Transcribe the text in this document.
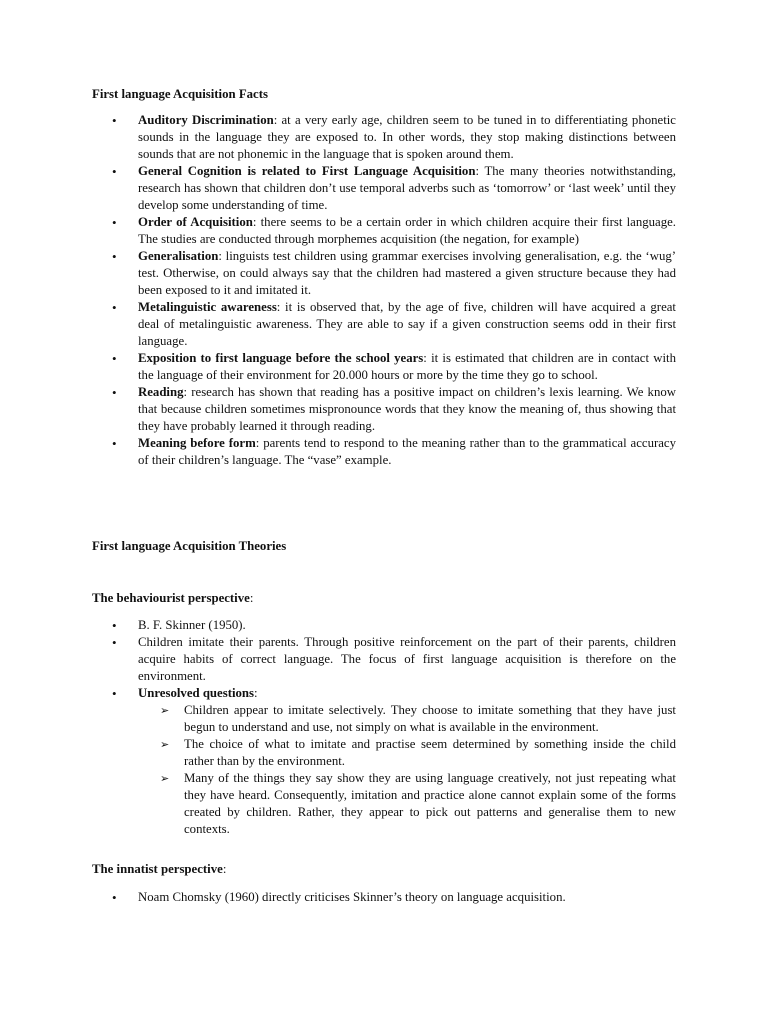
First language Acquisition Facts

• Auditory Discrimination: at a very early age, children seem to be tuned in to differentiating phonetic sounds in the language they are exposed to. In other words, they stop making distinctions between sounds that are not phonemic in the language that is spoken around them.
• General Cognition is related to First Language Acquisition: The many theories notwithstanding, research has shown that children don’t use temporal adverbs such as ‘tomorrow’ or ‘last week’ until they develop some understanding of time.
• Order of Acquisition: there seems to be a certain order in which children acquire their first language. The studies are conducted through morphemes acquisition (the negation, for example)
• Generalisation: linguists test children using grammar exercises involving generalisation, e.g. the ‘wug’ test. Otherwise, on could always say that the children had mastered a given structure because they had been exposed to it and imitated it.
• Metalinguistic awareness: it is observed that, by the age of five, children will have acquired a great deal of metalinguistic awareness. They are able to say if a given construction seems odd in their first language.
• Exposition to first language before the school years: it is estimated that children are in contact with the language of their environment for 20.000 hours or more by the time they go to school.
• Reading: research has shown that reading has a positive impact on children’s lexis learning. We know that because children sometimes mispronounce words that they know the meaning of, thus showing that they have probably learned it through reading.
• Meaning before form: parents tend to respond to the meaning rather than to the grammatical accuracy of their children’s language. The “vase” example.

First language Acquisition Theories

The behaviourist perspective:

• B. F. Skinner (1950).
• Children imitate their parents. Through positive reinforcement on the part of their parents, children acquire habits of correct language. The focus of first language acquisition is therefore on the environment.
• Unresolved questions:
➢ Children appear to imitate selectively. They choose to imitate something that they have just begun to understand and use, not simply on what is available in the environment.
➢ The choice of what to imitate and practise seem determined by something inside the child rather than by the environment.
➢ Many of the things they say show they are using language creatively, not just repeating what they have heard. Consequently, imitation and practice alone cannot explain some of the forms created by children. Rather, they appear to pick out patterns and generalise them to new contexts.

The innatist perspective:

• Noam Chomsky (1960) directly criticises Skinner’s theory on language acquisition.
